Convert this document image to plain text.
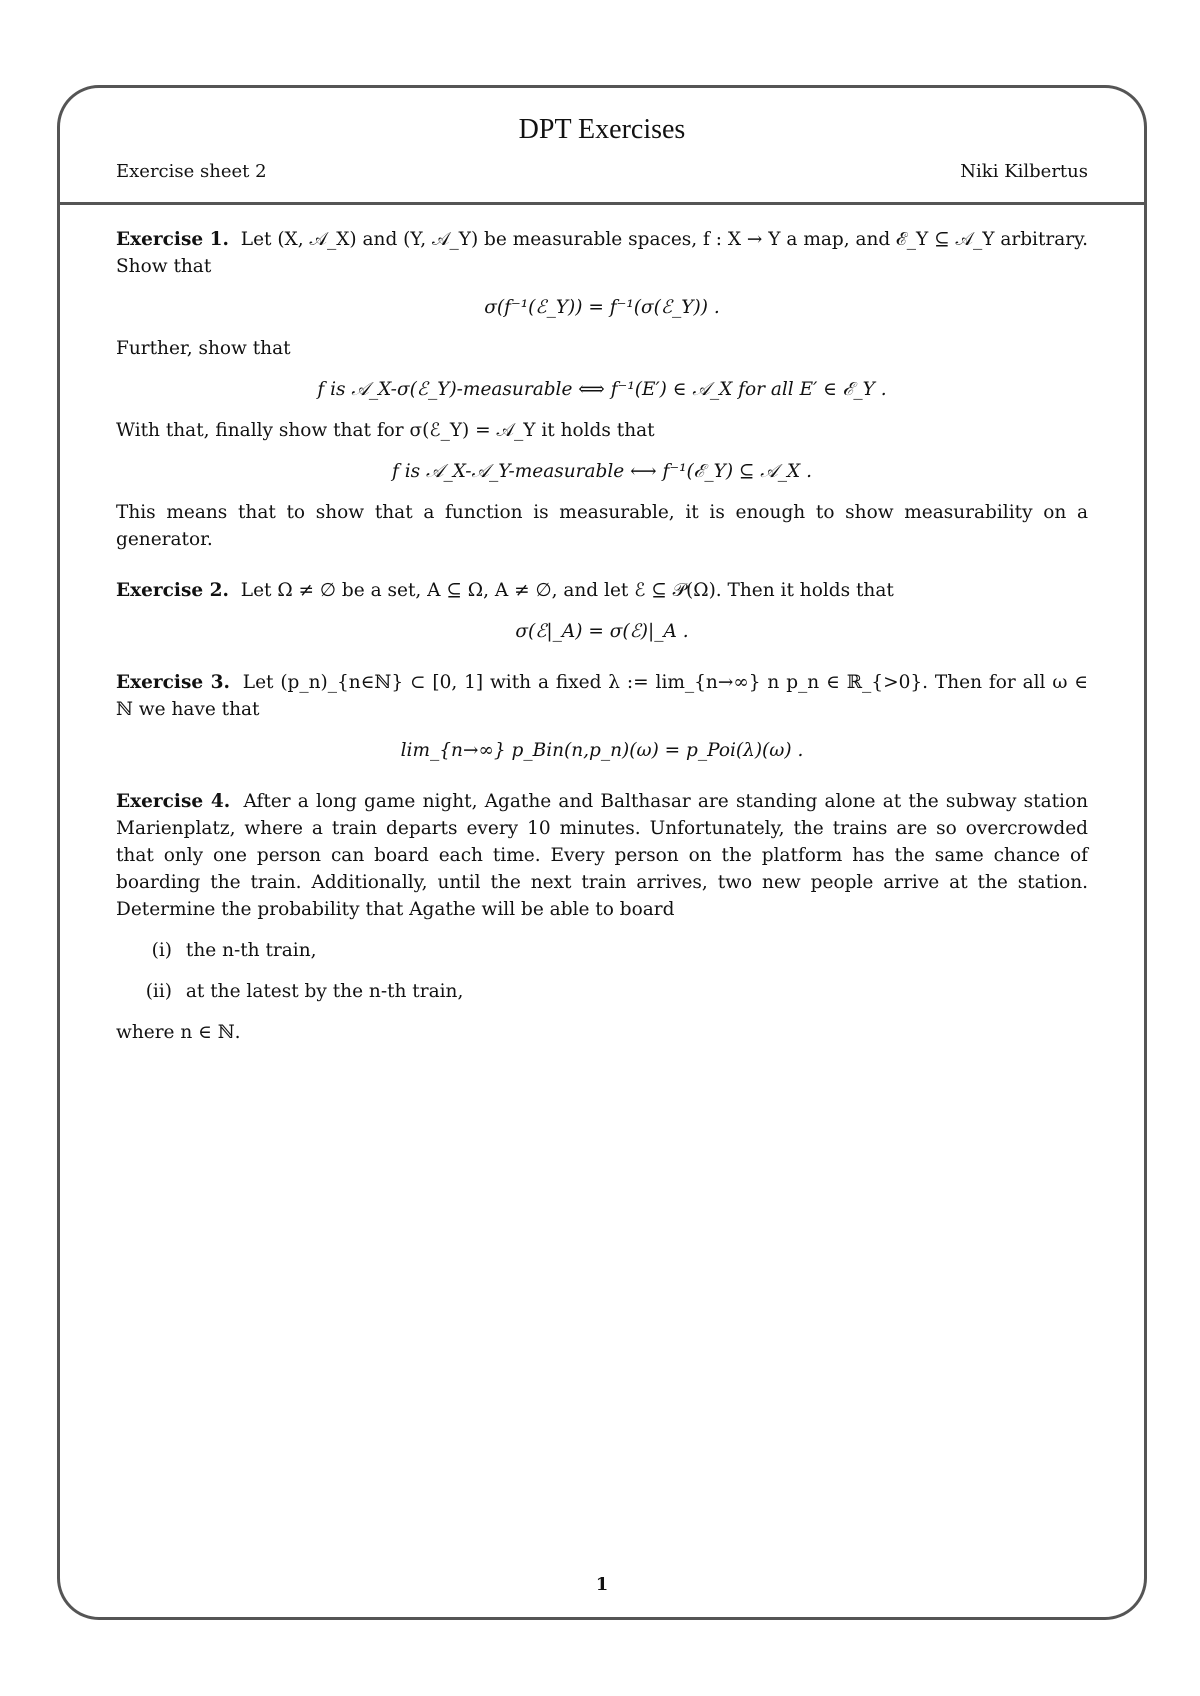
DPT Exercises
Exercise sheet 2	Niki Kilbertus

Exercise 1. Let (X, 𝒜_X) and (Y, 𝒜_Y) be measurable spaces, f : X → Y a map, and ℰ_Y ⊆ 𝒜_Y arbitrary. Show that

σ(f⁻¹(ℰ_Y)) = f⁻¹(σ(ℰ_Y)) .

Further, show that

f is 𝒜_X-σ(ℰ_Y)-measurable ⟺ f⁻¹(E′) ∈ 𝒜_X for all E′ ∈ ℰ_Y .

With that, finally show that for σ(ℰ_Y) = 𝒜_Y it holds that

f is 𝒜_X-𝒜_Y-measurable ⟷ f⁻¹(ℰ_Y) ⊆ 𝒜_X .

This means that to show that a function is measurable, it is enough to show measurability on a generator.

Exercise 2. Let Ω ≠ ∅ be a set, A ⊆ Ω, A ≠ ∅, and let ℰ ⊆ 𝒫(Ω). Then it holds that

σ(ℰ|_A) = σ(ℰ)|_A .

Exercise 3. Let (p_n)_{n∈ℕ} ⊂ [0, 1] with a fixed λ := lim_{n→∞} n p_n ∈ ℝ_{>0}. Then for all ω ∈ ℕ we have that

lim_{n→∞} p_Bin(n,p_n)(ω) = p_Poi(λ)(ω) .

Exercise 4. After a long game night, Agathe and Balthasar are standing alone at the subway station Marienplatz, where a train departs every 10 minutes. Unfortunately, the trains are so overcrowded that only one person can board each time. Every person on the platform has the same chance of boarding the train. Additionally, until the next train arrives, two new people arrive at the station. Determine the probability that Agathe will be able to board

(i) the n-th train,
(ii) at the latest by the n-th train,

where n ∈ ℕ.

1
